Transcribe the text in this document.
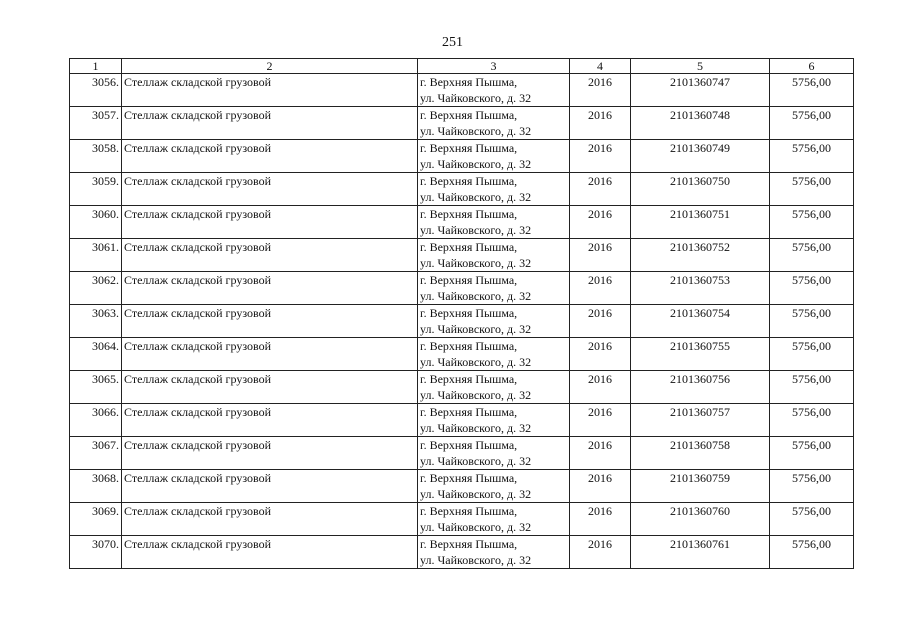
251
1	2	3	4	5	6

3056.	Стеллаж складской грузовой	г. Верхняя Пышма,
ул. Чайковского, д. 32	2016	2101360747	5756,00

3057.	Стеллаж складской грузовой	г. Верхняя Пышма,
ул. Чайковского, д. 32	2016	2101360748	5756,00

3058.	Стеллаж складской грузовой	г. Верхняя Пышма,
ул. Чайковского, д. 32	2016	2101360749	5756,00

3059.	Стеллаж складской грузовой	г. Верхняя Пышма,
ул. Чайковского, д. 32	2016	2101360750	5756,00

3060.	Стеллаж складской грузовой	г. Верхняя Пышма,
ул. Чайковского, д. 32	2016	2101360751	5756,00

3061.	Стеллаж складской грузовой	г. Верхняя Пышма,
ул. Чайковского, д. 32	2016	2101360752	5756,00

3062.	Стеллаж складской грузовой	г. Верхняя Пышма,
ул. Чайковского, д. 32	2016	2101360753	5756,00

3063.	Стеллаж складской грузовой	г. Верхняя Пышма,
ул. Чайковского, д. 32	2016	2101360754	5756,00

3064.	Стеллаж складской грузовой	г. Верхняя Пышма,
ул. Чайковского, д. 32	2016	2101360755	5756,00

3065.	Стеллаж складской грузовой	г. Верхняя Пышма,
ул. Чайковского, д. 32	2016	2101360756	5756,00

3066.	Стеллаж складской грузовой	г. Верхняя Пышма,
ул. Чайковского, д. 32	2016	2101360757	5756,00

3067.	Стеллаж складской грузовой	г. Верхняя Пышма,
ул. Чайковского, д. 32	2016	2101360758	5756,00

3068.	Стеллаж складской грузовой	г. Верхняя Пышма,
ул. Чайковского, д. 32	2016	2101360759	5756,00

3069.	Стеллаж складской грузовой	г. Верхняя Пышма,
ул. Чайковского, д. 32	2016	2101360760	5756,00

3070.	Стеллаж складской грузовой	г. Верхняя Пышма,
ул. Чайковского, д. 32	2016	2101360761	5756,00
